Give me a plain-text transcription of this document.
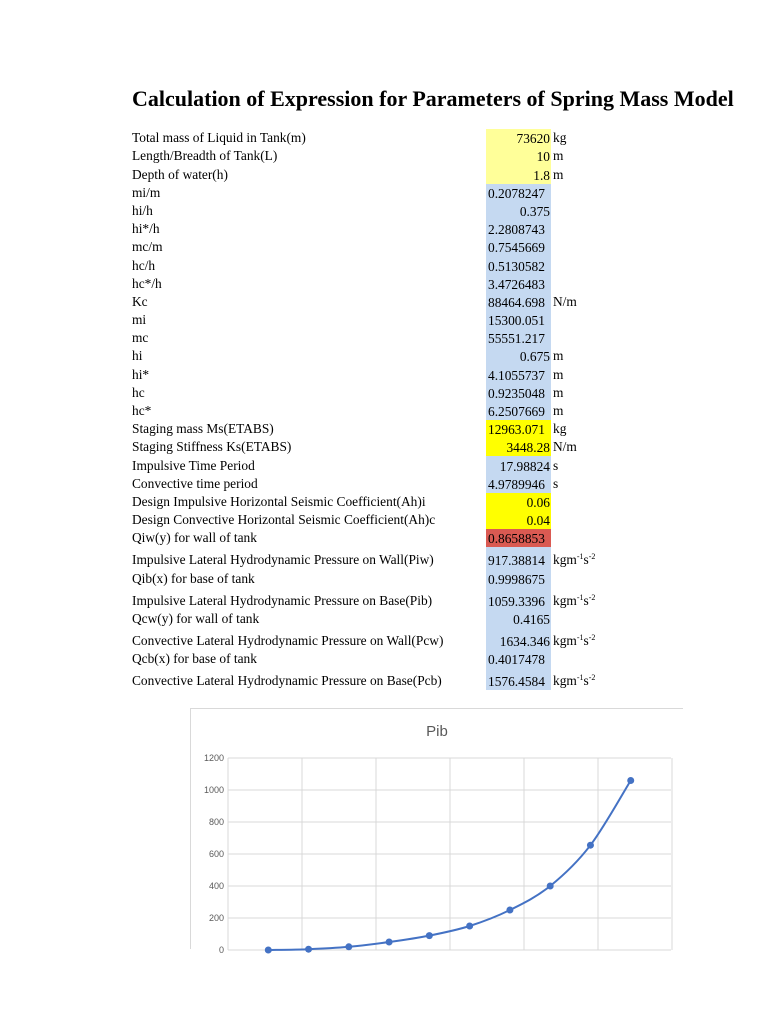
Calculation of Expression for Parameters of Spring Mass Model
Total mass of Liquid in Tank(m)	73620 kg
Length/Breadth of Tank(L)	10 m
Depth of water(h)	1.8 m
mi/m	0.2078247
hi/h	0.375
hi*/h	2.2808743
mc/m	0.7545669
hc/h	0.5130582
hc*/h	3.4726483
Kc	88464.698 N/m
mi	15300.051
mc	55551.217
hi	0.675 m
hi*	4.1055737 m
hc	0.9235048 m
hc*	6.2507669 m
Staging mass Ms(ETABS)	12963.071 kg
Staging Stiffness Ks(ETABS)	3448.28 N/m
Impulsive Time Period	17.98824 s
Convective time period	4.9789946 s
Design Impulsive Horizontal Seismic Coefficient(Ah)i	0.06
Design Convective Horizontal Seismic Coefficient(Ah)c	0.04
Qiw(y) for wall of tank	0.8658853
Impulsive Lateral Hydrodynamic Pressure on Wall(Piw)	917.38814 $kgm^{-1}s^{-2}$
Qib(x) for base of tank	0.9998675
Impulsive Lateral Hydrodynamic Pressure on Base(Pib)	1059.3396 $kgm^{-1}s^{-2}$
Qcw(y) for wall of tank	0.4165
Convective Lateral Hydrodynamic Pressure on Wall(Pcw)	1634.346 $kgm^{-1}s^{-2}$
Qcb(x) for base of tank	0.4017478
Convective Lateral Hydrodynamic Pressure on Base(Pcb)	1576.4584 $kgm^{-1}s^{-2}$
Pib
0
200
400
600
800
1000
1200
